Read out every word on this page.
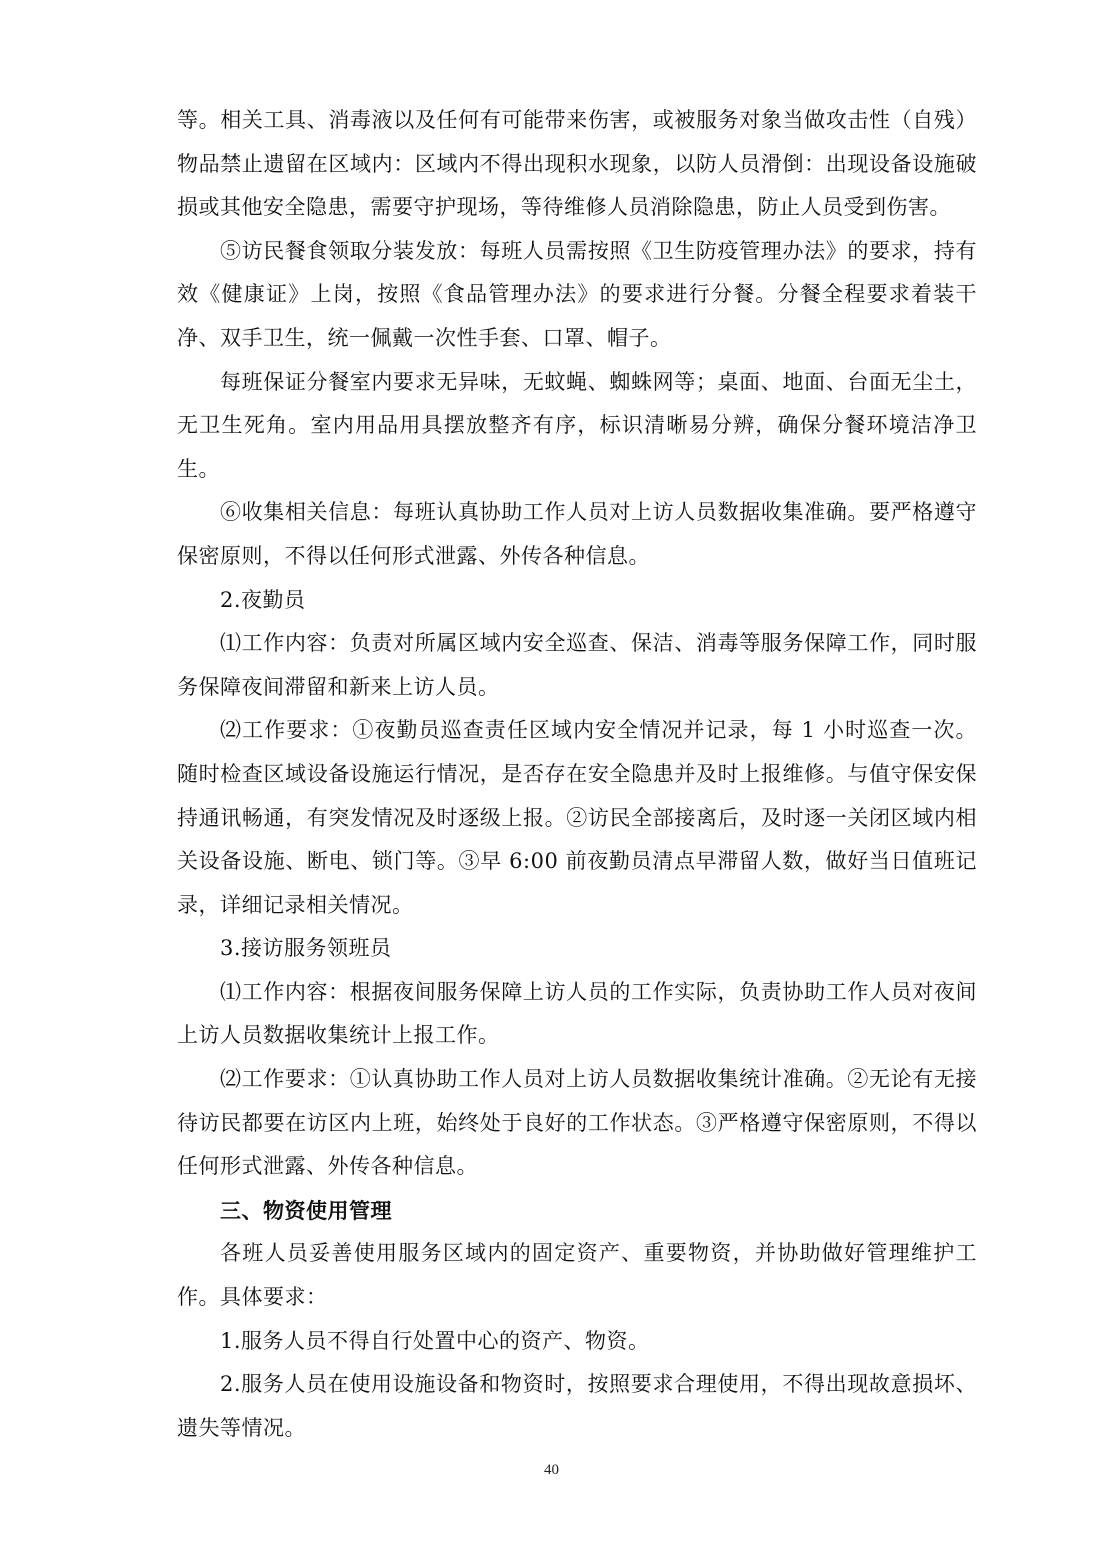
等。相关工具、消毒液以及任何有可能带来伤害，或被服务对象当做攻击性（自残）物品禁止遗留在区域内：区域内不得出现积水现象，以防人员滑倒：出现设备设施破损或其他安全隐患，需要守护现场，等待维修人员消除隐患，防止人员受到伤害。

⑤访民餐食领取分装发放：每班人员需按照《卫生防疫管理办法》的要求，持有效《健康证》上岗，按照《食品管理办法》的要求进行分餐。分餐全程要求着装干净、双手卫生，统一佩戴一次性手套、口罩、帽子。

每班保证分餐室内要求无异味，无蚊蝇、蜘蛛网等；桌面、地面、台面无尘土，无卫生死角。室内用品用具摆放整齐有序，标识清晰易分辨，确保分餐环境洁净卫生。

⑥收集相关信息：每班认真协助工作人员对上访人员数据收集准确。要严格遵守保密原则，不得以任何形式泄露、外传各种信息。

2.夜勤员

⑴工作内容：负责对所属区域内安全巡查、保洁、消毒等服务保障工作，同时服务保障夜间滞留和新来上访人员。

⑵工作要求：①夜勤员巡查责任区域内安全情况并记录，每 1 小时巡查一次。随时检查区域设备设施运行情况，是否存在安全隐患并及时上报维修。与值守保安保持通讯畅通，有突发情况及时逐级上报。②访民全部接离后，及时逐一关闭区域内相关设备设施、断电、锁门等。③早 6:00 前夜勤员清点早滞留人数，做好当日值班记录，详细记录相关情况。

3.接访服务领班员

⑴工作内容：根据夜间服务保障上访人员的工作实际，负责协助工作人员对夜间上访人员数据收集统计上报工作。

⑵工作要求：①认真协助工作人员对上访人员数据收集统计准确。②无论有无接待访民都要在访区内上班，始终处于良好的工作状态。③严格遵守保密原则，不得以任何形式泄露、外传各种信息。

三、物资使用管理

各班人员妥善使用服务区域内的固定资产、重要物资，并协助做好管理维护工作。具体要求：

1.服务人员不得自行处置中心的资产、物资。

2.服务人员在使用设施设备和物资时，按照要求合理使用，不得出现故意损坏、遗失等情况。

40
